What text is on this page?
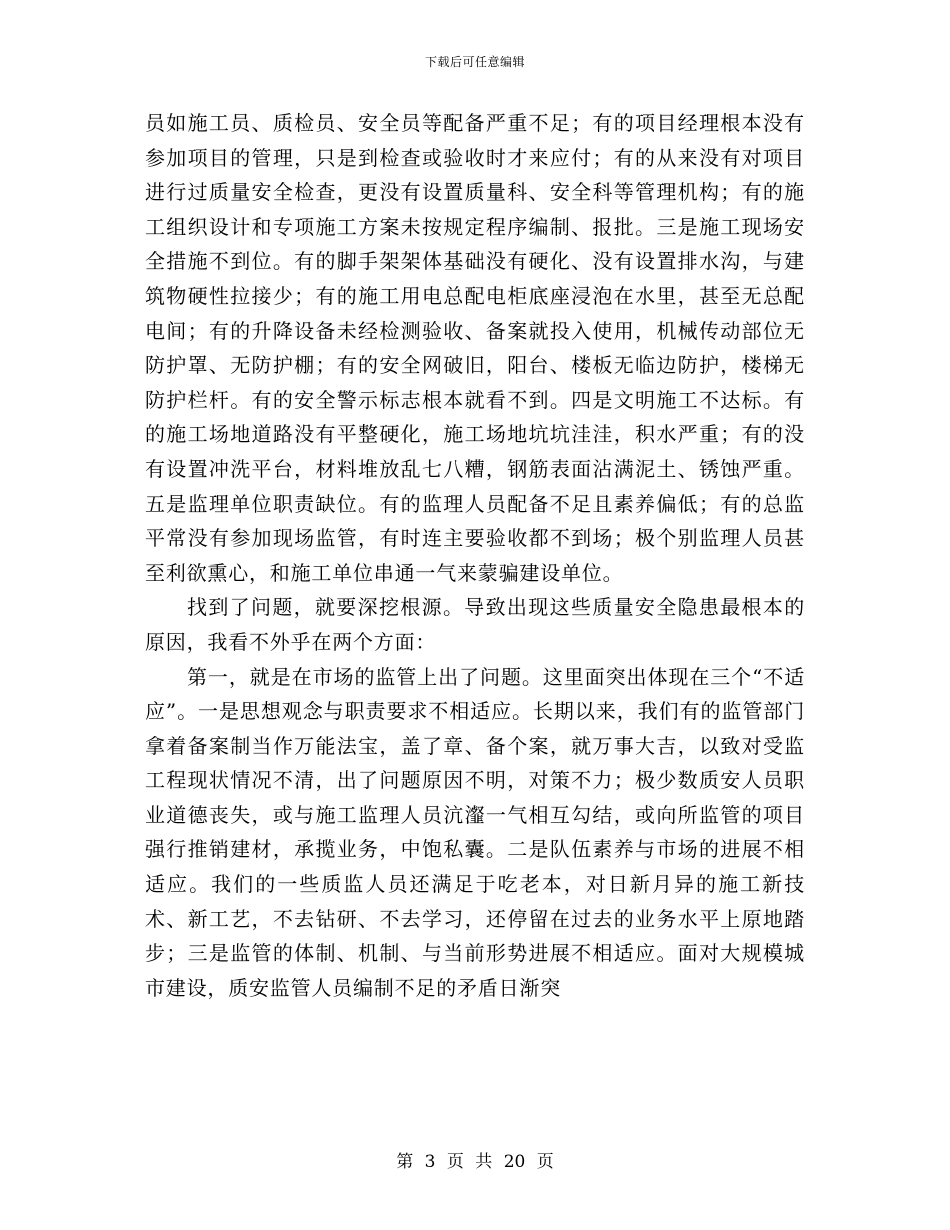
下载后可任意编辑

员如施工员、质检员、安全员等配备严重不足；有的项目经理根本没有参加项目的管理，只是到检查或验收时才来应付；有的从来没有对项目进行过质量安全检查，更没有设置质量科、安全科等管理机构；有的施工组织设计和专项施工方案未按规定程序编制、报批。三是施工现场安全措施不到位。有的脚手架架体基础没有硬化、没有设置排水沟，与建筑物硬性拉接少；有的施工用电总配电柜底座浸泡在水里，甚至无总配电间；有的升降设备未经检测验收、备案就投入使用，机械传动部位无防护罩、无防护棚；有的安全网破旧，阳台、楼板无临边防护，楼梯无防护栏杆。有的安全警示标志根本就看不到。四是文明施工不达标。有的施工场地道路没有平整硬化，施工场地坑坑洼洼，积水严重；有的没有设置冲洗平台，材料堆放乱七八糟，钢筋表面沾满泥土、锈蚀严重。五是监理单位职责缺位。有的监理人员配备不足且素养偏低；有的总监平常没有参加现场监管，有时连主要验收都不到场；极个别监理人员甚至利欲熏心，和施工单位串通一气来蒙骗建设单位。

找到了问题，就要深挖根源。导致出现这些质量安全隐患最根本的原因，我看不外乎在两个方面：

第一，就是在市场的监管上出了问题。这里面突出体现在三个“不适应”。一是思想观念与职责要求不相适应。长期以来，我们有的监管部门拿着备案制当作万能法宝，盖了章、备个案，就万事大吉，以致对受监工程现状情况不清，出了问题原因不明，对策不力；极少数质安人员职业道德丧失，或与施工监理人员沆瀣一气相互勾结，或向所监管的项目强行推销建材，承揽业务，中饱私囊。二是队伍素养与市场的进展不相适应。我们的一些质监人员还满足于吃老本，对日新月异的施工新技术、新工艺，不去钻研、不去学习，还停留在过去的业务水平上原地踏步；三是监管的体制、机制、与当前形势进展不相适应。面对大规模城市建设，质安监管人员编制不足的矛盾日渐突

第 3 页 共 20 页
